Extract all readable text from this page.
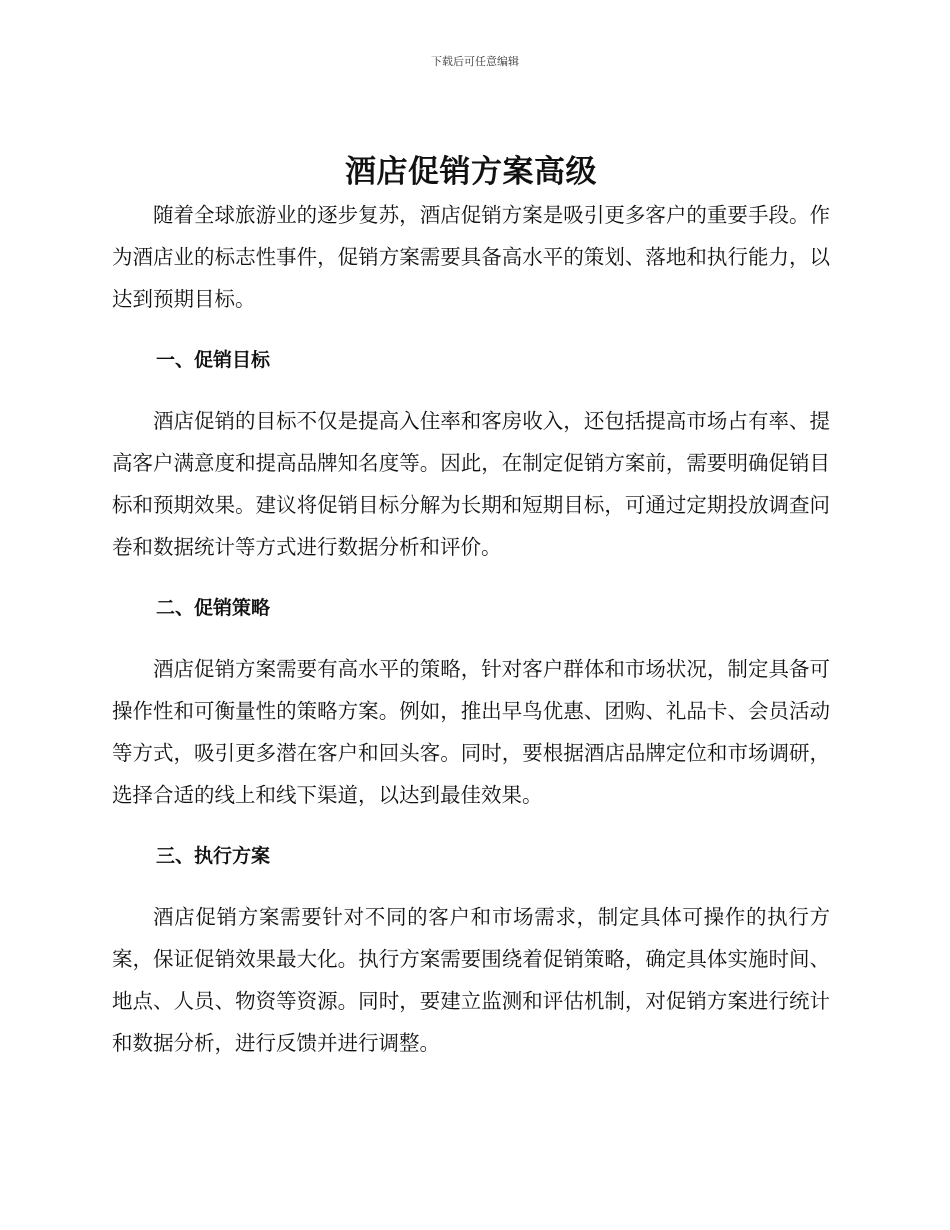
下载后可任意编辑
酒店促销方案高级

随着全球旅游业的逐步复苏，酒店促销方案是吸引更多客户的重要手段。作为酒店业的标志性事件，促销方案需要具备高水平的策划、落地和执行能力，以达到预期目标。

一、促销目标

酒店促销的目标不仅是提高入住率和客房收入，还包括提高市场占有率、提高客户满意度和提高品牌知名度等。因此，在制定促销方案前，需要明确促销目标和预期效果。建议将促销目标分解为长期和短期目标，可通过定期投放调查问卷和数据统计等方式进行数据分析和评价。

二、促销策略

酒店促销方案需要有高水平的策略，针对客户群体和市场状况，制定具备可操作性和可衡量性的策略方案。例如，推出早鸟优惠、团购、礼品卡、会员活动等方式，吸引更多潜在客户和回头客。同时，要根据酒店品牌定位和市场调研，选择合适的线上和线下渠道，以达到最佳效果。

三、执行方案

酒店促销方案需要针对不同的客户和市场需求，制定具体可操作的执行方案，保证促销效果最大化。执行方案需要围绕着促销策略，确定具体实施时间、地点、人员、物资等资源。同时，要建立监测和评估机制，对促销方案进行统计和数据分析，进行反馈并进行调整。
